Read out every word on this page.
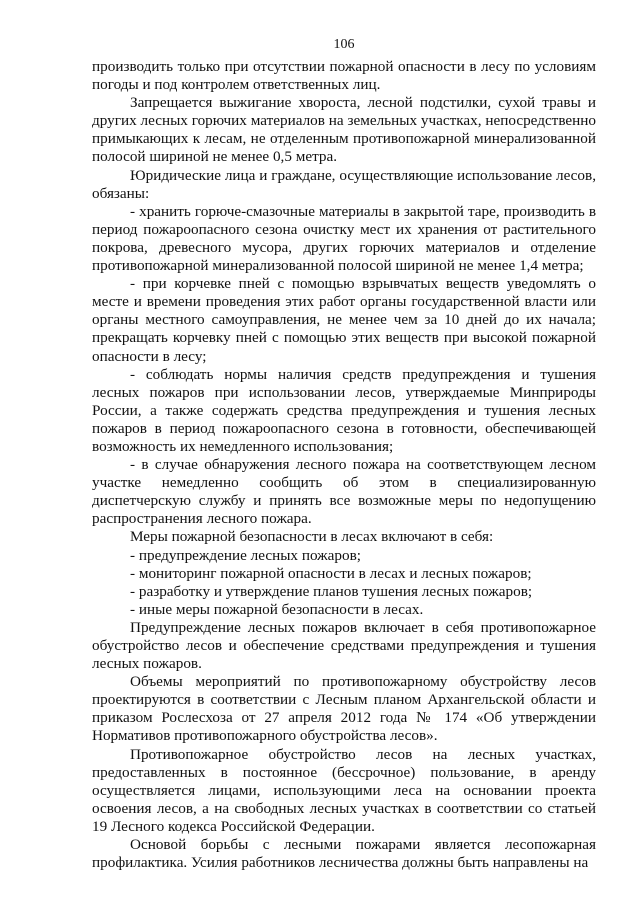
106

производить только при отсутствии пожарной опасности в лесу по условиям погоды и под контролем ответственных лиц.

Запрещается выжигание хвороста, лесной подстилки, сухой травы и других лесных горючих материалов на земельных участках, непосредственно примыкающих к лесам, не отделенным противопожарной минерализованной полосой шириной не менее 0,5 метра.

Юридические лица и граждане, осуществляющие использование лесов, обязаны:

- хранить горюче-смазочные материалы в закрытой таре, производить в период пожароопасного сезона очистку мест их хранения от растительного покрова, древесного мусора, других горючих материалов и отделение противопожарной минерализованной полосой шириной не менее 1,4 метра;

- при корчевке пней с помощью взрывчатых веществ уведомлять о месте и времени проведения этих работ органы государственной власти или органы местного самоуправления, не менее чем за 10 дней до их начала; прекращать корчевку пней с помощью этих веществ при высокой пожарной опасности в лесу;

- соблюдать нормы наличия средств предупреждения и тушения лесных пожаров при использовании лесов, утверждаемые Минприроды России, а также содержать средства предупреждения и тушения лесных пожаров в период пожароопасного сезона в готовности, обеспечивающей возможность их немедленного использования;

- в случае обнаружения лесного пожара на соответствующем лесном участке немедленно сообщить об этом в специализированную диспетчерскую службу и принять все возможные меры по недопущению распространения лесного пожара.

Меры пожарной безопасности в лесах включают в себя:

- предупреждение лесных пожаров;

- мониторинг пожарной опасности в лесах и лесных пожаров;

- разработку и утверждение планов тушения лесных пожаров;

- иные меры пожарной безопасности в лесах.

Предупреждение лесных пожаров включает в себя противопожарное обустройство лесов и обеспечение средствами предупреждения и тушения лесных пожаров.

Объемы мероприятий по противопожарному обустройству лесов проектируются в соответствии с Лесным планом Архангельской области и приказом Рослесхоза от 27 апреля 2012 года № 174 «Об утверждении Нормативов противопожарного обустройства лесов».

Противопожарное обустройство лесов на лесных участках, предоставленных в постоянное (бессрочное) пользование, в аренду осуществляется лицами, использующими леса на основании проекта освоения лесов, а на свободных лесных участках в соответствии со статьей 19 Лесного кодекса Российской Федерации.

Основой борьбы с лесными пожарами является лесопожарная профилактика. Усилия работников лесничества должны быть направлены на
